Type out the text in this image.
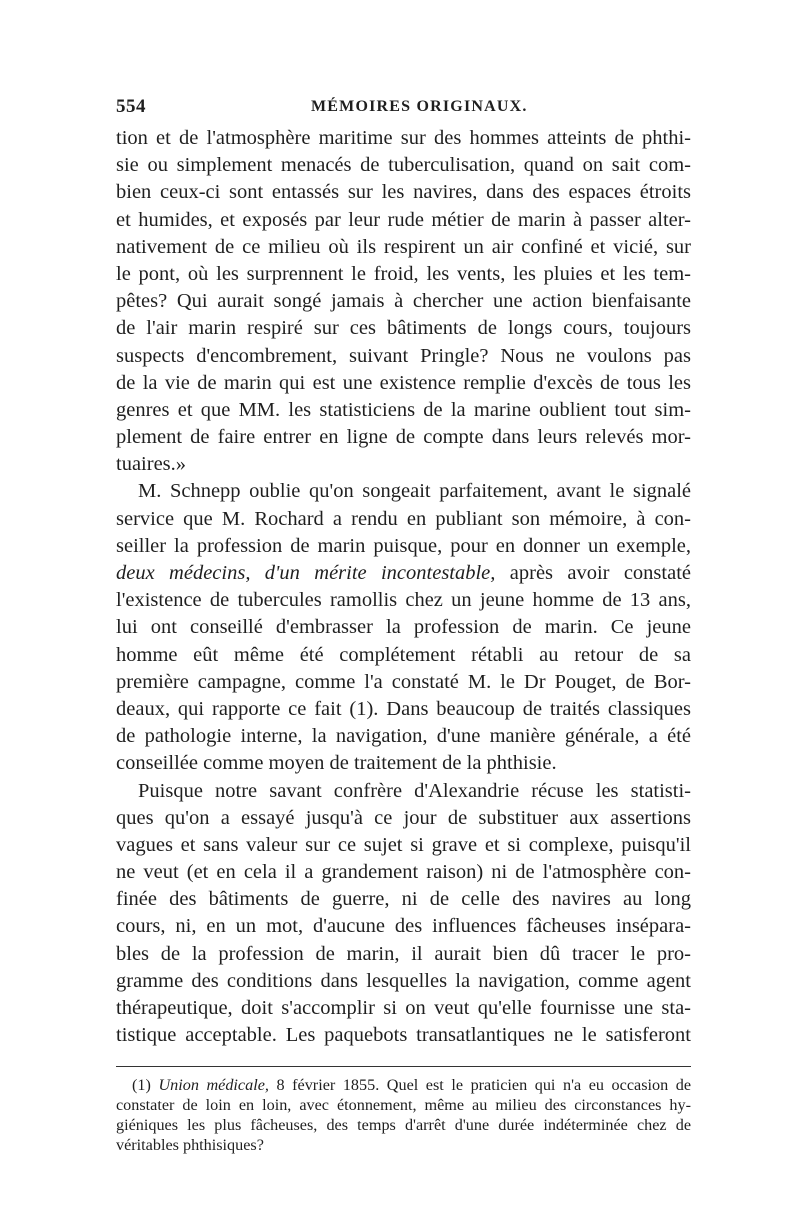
554	MÉMOIRES ORIGINAUX.
tion et de l'atmosphère maritime sur des hommes atteints de phthi-
sie ou simplement menacés de tuberculisation, quand on sait com-
bien ceux-ci sont entassés sur les navires, dans des espaces étroits
et humides, et exposés par leur rude métier de marin à passer alter-
nativement de ce milieu où ils respirent un air confiné et vicié, sur
le pont, où les surprennent le froid, les vents, les pluies et les tem-
pêtes? Qui aurait songé jamais à chercher une action bienfaisante
de l'air marin respiré sur ces bâtiments de longs cours, toujours
suspects d'encombrement, suivant Pringle? Nous ne voulons pas
de la vie de marin qui est une existence remplie d'excès de tous les
genres et que MM. les statisticiens de la marine oublient tout sim-
plement de faire entrer en ligne de compte dans leurs relevés mor-
tuaires.»
M. Schnepp oublie qu'on songeait parfaitement, avant le signalé
service que M. Rochard a rendu en publiant son mémoire, à con-
seiller la profession de marin puisque, pour en donner un exemple,
deux médecins, d'un mérite incontestable, après avoir constaté
l'existence de tubercules ramollis chez un jeune homme de 13 ans,
lui ont conseillé d'embrasser la profession de marin. Ce jeune
homme eût même été complétement rétabli au retour de sa
première campagne, comme l'a constaté M. le Dr Pouget, de Bor-
deaux, qui rapporte ce fait (1). Dans beaucoup de traités classiques
de pathologie interne, la navigation, d'une manière générale, a été
conseillée comme moyen de traitement de la phthisie.
Puisque notre savant confrère d'Alexandrie récuse les statisti-
ques qu'on a essayé jusqu'à ce jour de substituer aux assertions
vagues et sans valeur sur ce sujet si grave et si complexe, puisqu'il
ne veut (et en cela il a grandement raison) ni de l'atmosphère con-
finée des bâtiments de guerre, ni de celle des navires au long
cours, ni, en un mot, d'aucune des influences fâcheuses insépara-
bles de la profession de marin, il aurait bien dû tracer le pro-
gramme des conditions dans lesquelles la navigation, comme agent
thérapeutique, doit s'accomplir si on veut qu'elle fournisse une sta-
tistique acceptable. Les paquebots transatlantiques ne le satisferont
(1) Union médicale, 8 février 1855. Quel est le praticien qui n'a eu occasion de
constater de loin en loin, avec étonnement, même au milieu des circonstances hy-
giéniques les plus fâcheuses, des temps d'arrêt d'une durée indéterminée chez de
véritables phthisiques?
